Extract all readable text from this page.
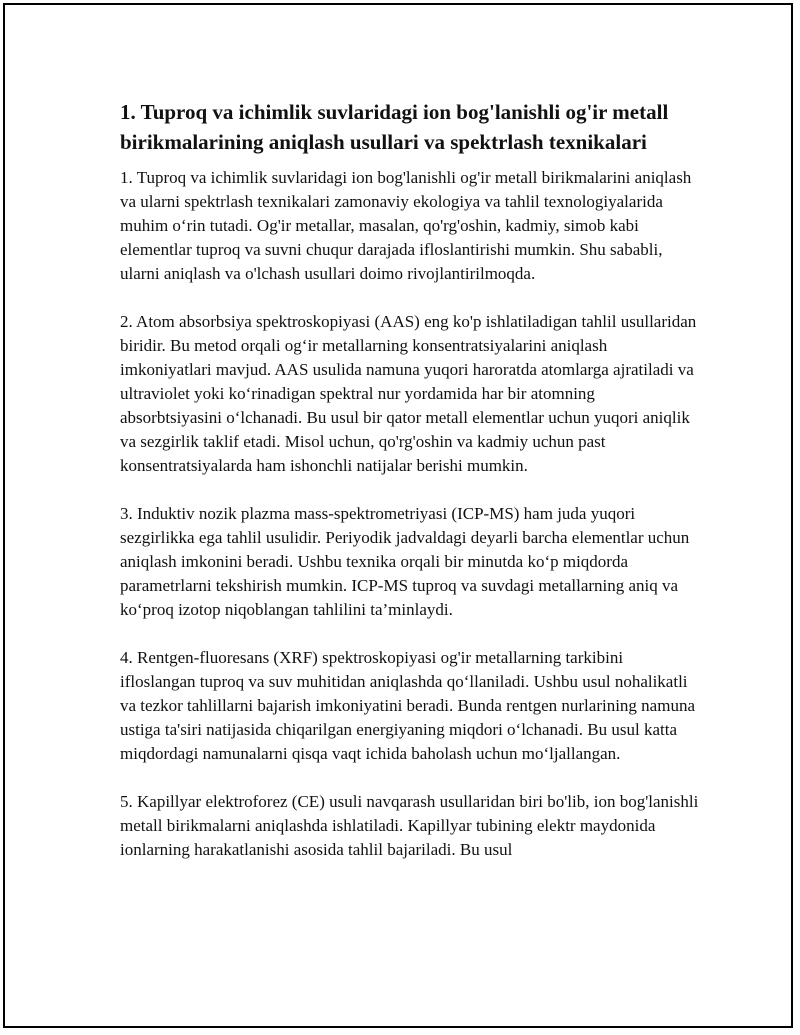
1. Tuproq va ichimlik suvlaridagi ion bog'lanishli og'ir metall birikmalarining aniqlash usullari va spektrlash texnikalari

1. Tuproq va ichimlik suvlaridagi ion bog'lanishli og'ir metall birikmalarini aniqlash va ularni spektrlash texnikalari zamonaviy ekologiya va tahlil texnologiyalarida muhim o‘rin tutadi. Og'ir metallar, masalan, qo'rg'oshin, kadmiy, simob kabi elementlar tuproq va suvni chuqur darajada ifloslantirishi mumkin. Shu sababli, ularni aniqlash va o'lchash usullari doimo rivojlantirilmoqda.

2. Atom absorbsiya spektroskopiyasi (AAS) eng ko'p ishlatiladigan tahlil usullaridan biridir. Bu metod orqali og‘ir metallarning konsentratsiyalarini aniqlash imkoniyatlari mavjud. AAS usulida namuna yuqori haroratda atomlarga ajratiladi va ultraviolet yoki ko‘rinadigan spektral nur yordamida har bir atomning absorbtsiyasini o‘lchanadi. Bu usul bir qator metall elementlar uchun yuqori aniqlik va sezgirlik taklif etadi. Misol uchun, qo'rg'oshin va kadmiy uchun past konsentratsiyalarda ham ishonchli natijalar berishi mumkin.

3. Induktiv nozik plazma mass-spektrometriyasi (ICP-MS) ham juda yuqori sezgirlikka ega tahlil usulidir. Periyodik jadvaldagi deyarli barcha elementlar uchun aniqlash imkonini beradi. Ushbu texnika orqali bir minutda ko‘p miqdorda parametrlarni tekshirish mumkin. ICP-MS tuproq va suvdagi metallarning aniq va ko‘proq izotop niqoblangan tahlilini ta’minlaydi.

4. Rentgen-fluoresans (XRF) spektroskopiyasi og'ir metallarning tarkibini ifloslangan tuproq va suv muhitidan aniqlashda qo‘llaniladi. Ushbu usul nohalikatli va tezkor tahlillarni bajarish imkoniyatini beradi. Bunda rentgen nurlarining namuna ustiga ta'siri natijasida chiqarilgan energiyaning miqdori o‘lchanadi. Bu usul katta miqdordagi namunalarni qisqa vaqt ichida baholash uchun mo‘ljallangan.

5. Kapillyar elektroforez (CE) usuli navqarash usullaridan biri bo'lib, ion bog'lanishli metall birikmalarni aniqlashda ishlatiladi. Kapillyar tubining elektr maydonida ionlarning harakatlanishi asosida tahlil bajariladi. Bu usul
